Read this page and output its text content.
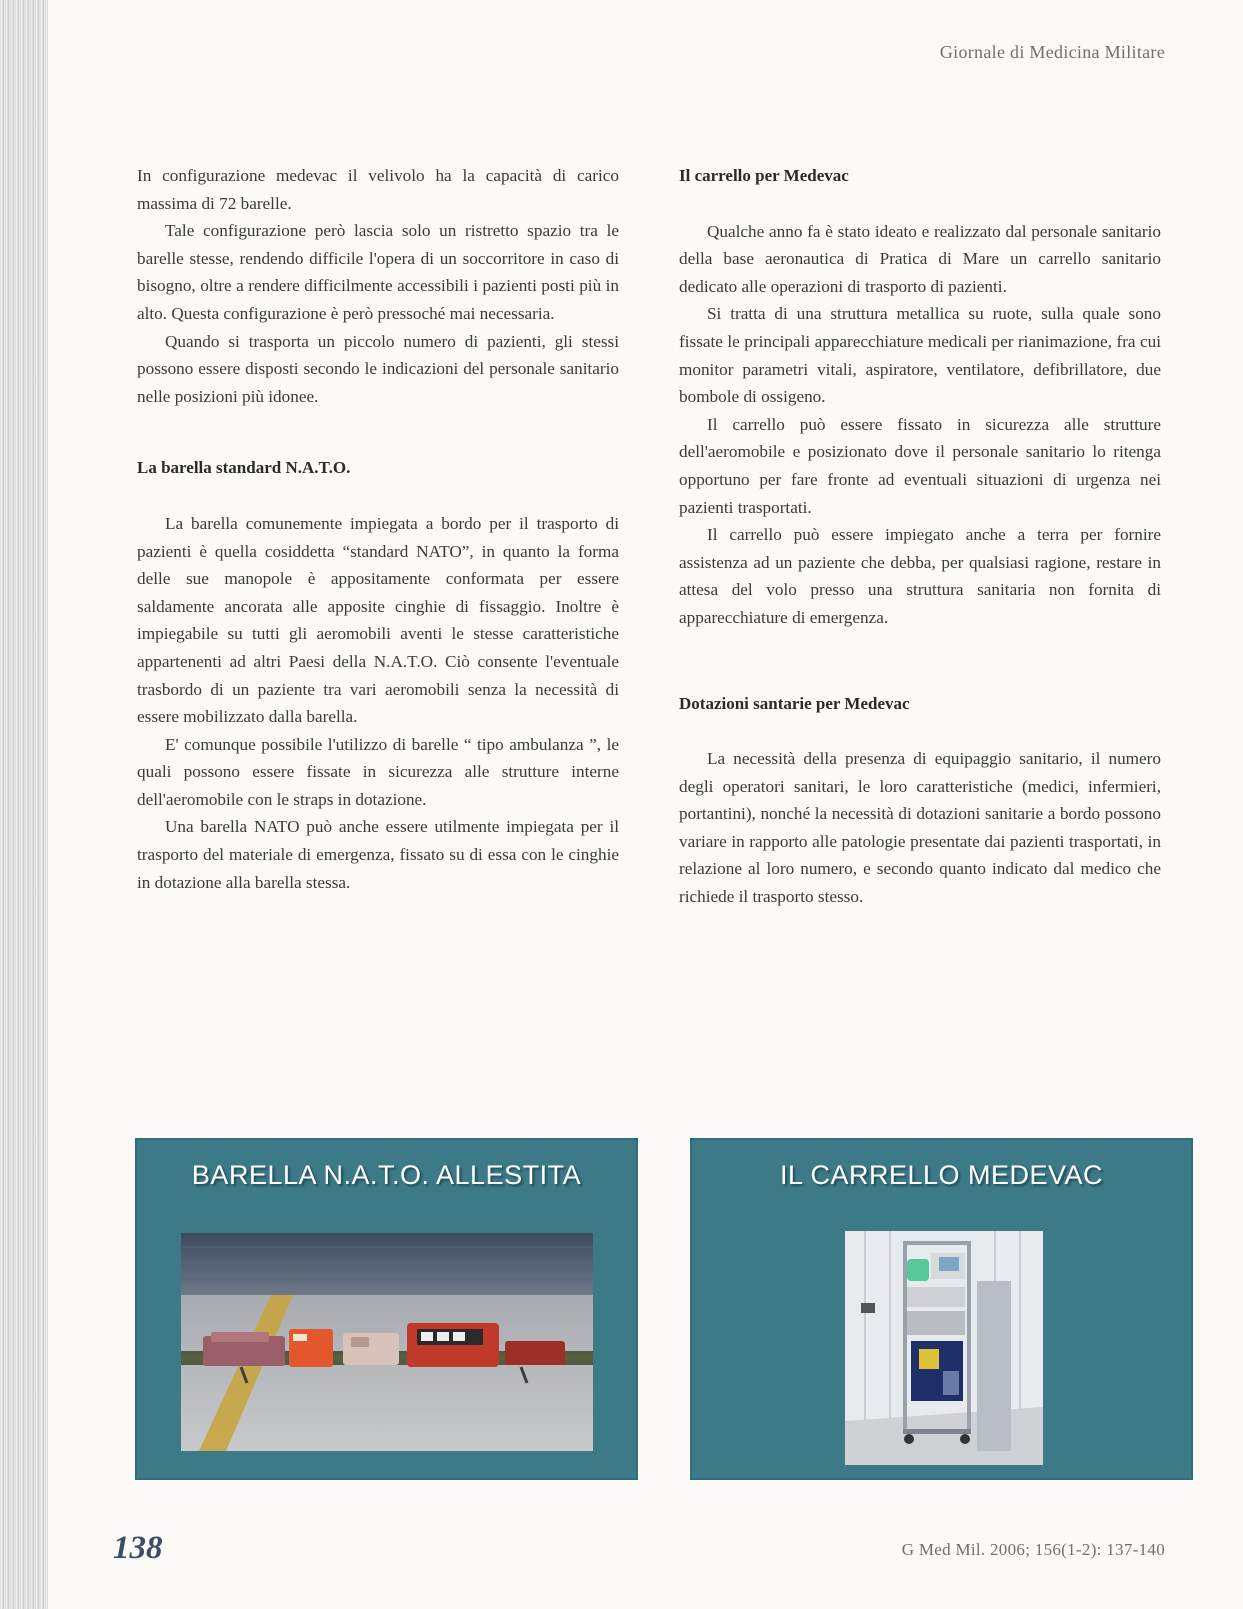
Giornale di Medicina Militare

In configurazione medevac il velivolo ha la capacità di carico massima di 72 barelle.

Tale configurazione però lascia solo un ristretto spazio tra le barelle stesse, rendendo difficile l'opera di un soccorritore in caso di bisogno, oltre a rendere difficilmente accessibili i pazienti posti più in alto. Questa configurazione è però pressoché mai necessaria.

Quando si trasporta un piccolo numero di pazienti, gli stessi possono essere disposti secondo le indicazioni del personale sanitario nelle posizioni più idonee.

La barella standard N.A.T.O.

La barella comunemente impiegata a bordo per il trasporto di pazienti è quella cosiddetta “standard NATO”, in quanto la forma delle sue manopole è appositamente conformata per essere saldamente ancorata alle apposite cinghie di fissaggio. Inoltre è impiegabile su tutti gli aeromobili aventi le stesse caratteristiche appartenenti ad altri Paesi della N.A.T.O. Ciò consente l'eventuale trasbordo di un paziente tra vari aeromobili senza la necessità di essere mobilizzato dalla barella.

E' comunque possibile l'utilizzo di barelle “ tipo ambulanza ”, le quali possono essere fissate in sicurezza alle strutture interne dell'aeromobile con le straps in dotazione.

Una barella NATO può anche essere utilmente impiegata per il trasporto del materiale di emergenza, fissato su di essa con le cinghie in dotazione alla barella stessa.

Il carrello per Medevac

Qualche anno fa è stato ideato e realizzato dal personale sanitario della base aeronautica di Pratica di Mare un carrello sanitario dedicato alle operazioni di trasporto di pazienti.

Si tratta di una struttura metallica su ruote, sulla quale sono fissate le principali apparecchiature medicali per rianimazione, fra cui monitor parametri vitali, aspiratore, ventilatore, defibrillatore, due bombole di ossigeno.

Il carrello può essere fissato in sicurezza alle strutture dell'aeromobile e posizionato dove il personale sanitario lo ritenga opportuno per fare fronte ad eventuali situazioni di urgenza nei pazienti trasportati.

Il carrello può essere impiegato anche a terra per fornire assistenza ad un paziente che debba, per qualsiasi ragione, restare in attesa del volo presso una struttura sanitaria non fornita di apparecchiature di emergenza.

Dotazioni santarie per Medevac

La necessità della presenza di equipaggio sanitario, il numero degli operatori sanitari, le loro caratteristiche (medici, infermieri, portantini), nonché la necessità di dotazioni sanitarie a bordo possono variare in rapporto alle patologie presentate dai pazienti trasportati, in relazione al loro numero, e secondo quanto indicato dal medico che richiede il trasporto stesso.

BARELLA N.A.T.O. ALLESTITA	IL CARRELLO MEDEVAC
138	G Med Mil. 2006; 156(1-2): 137-140
